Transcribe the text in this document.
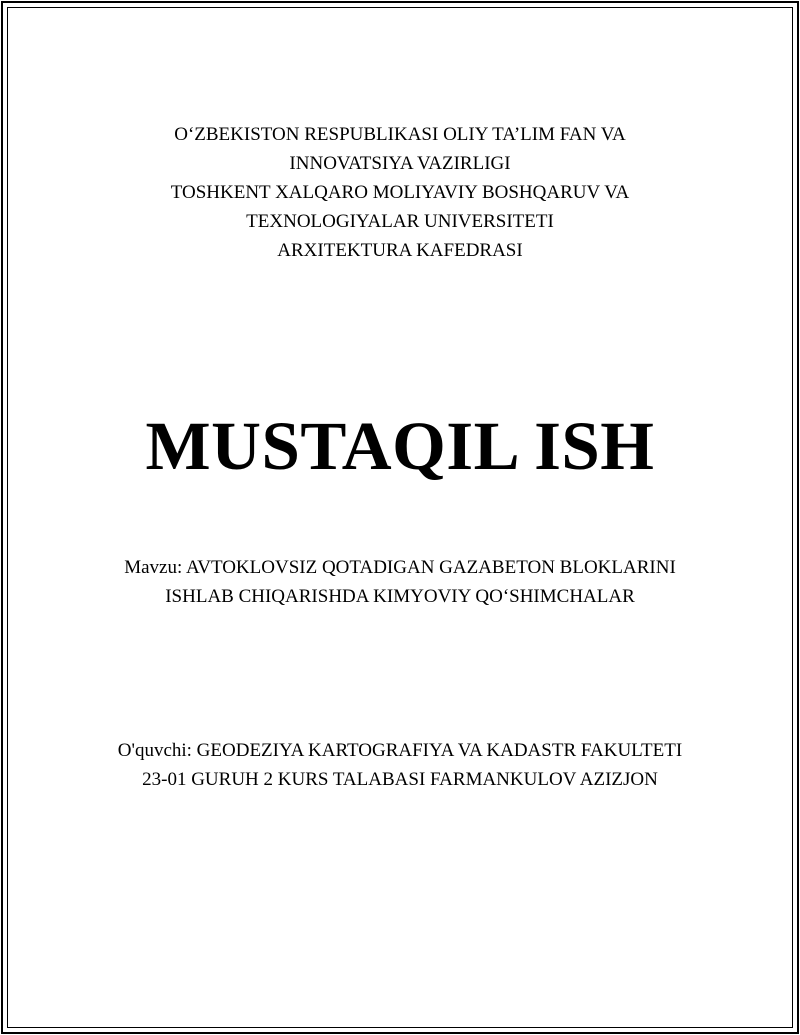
O‘ZBEKISTON RESPUBLIKASI OLIY TA’LIM FAN VA
INNOVATSIYA VAZIRLIGI
TOSHKENT XALQARO MOLIYAVIY BOSHQARUV VA
TEXNOLOGIYALAR UNIVERSITETI
ARXITEKTURA KAFEDRASI
MUSTAQIL ISH
Mavzu: AVTOKLOVSIZ QOTADIGAN GAZABETON BLOKLARINI
ISHLAB CHIQARISHDA KIMYOVIY QO‘SHIMCHALAR
O'quvchi: GEODEZIYA KARTOGRAFIYA VA KADASTR FAKULTETI
23-01 GURUH 2 KURS TALABASI FARMANKULOV AZIZJON
